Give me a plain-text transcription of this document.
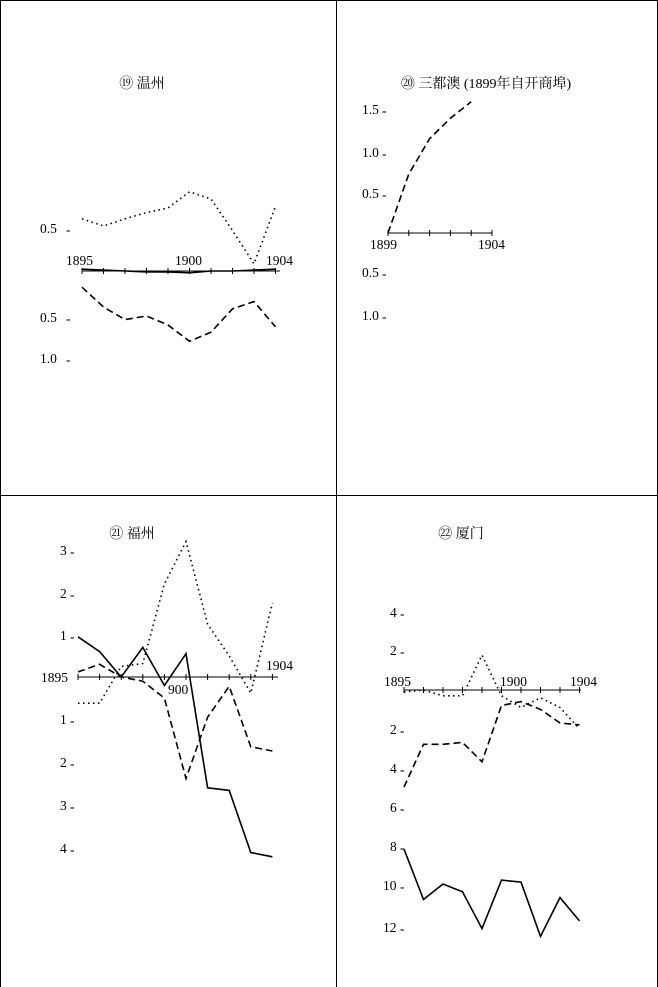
⑲ 温州
0.5 -
0.5 -
1.0 -
1895	1900	1904
⑳ 三都澳 (1899年自开商埠)
1.5 -
1.0 -
0.5 -
0.5 -
1.0 -
1899	1904
㉑ 福州
3 -
2 -
1 -
1 -
2 -
3 -
4 -
1895
900
1904
㉒ 厦门
4 -
2 -
2 -
4 -
6 -
8 -
10 -
12 -
1895	1900	1904
